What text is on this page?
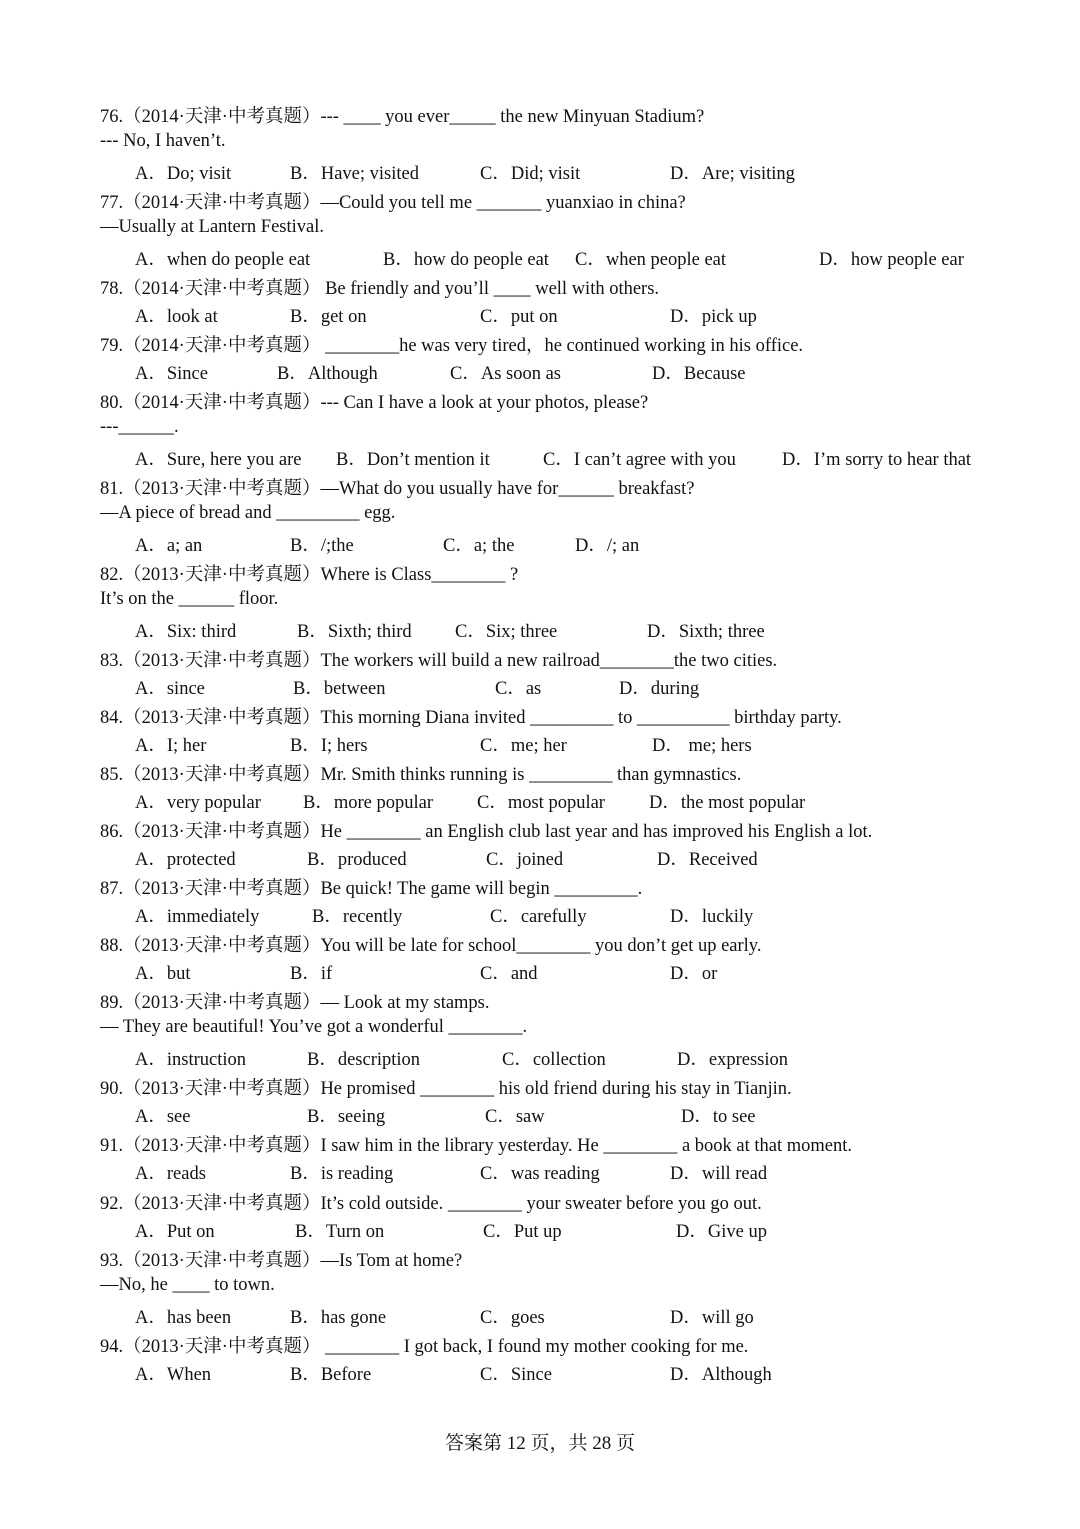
76.（2014·天津·中考真题）--- ____ you ever_____ the new Minyuan Stadium?
--- No, I haven’t.
A．Do; visit	B．Have; visited	C．Did; visit	D．Are; visiting
77.（2014·天津·中考真题）—Could you tell me _______ yuanxiao in china?
—Usually at Lantern Festival.
A．when do people eat	B．how do people eat C．when people eat	D．how people ear
78.（2014·天津·中考真题） Be friendly and you’ll ____ well with others.
A．look at	B．get on	C．put on	D．pick up
79.（2014·天津·中考真题） ________he was very tired，he continued working in his office.
A．Since	B．Although	C．As soon as	D．Because
80.（2014·天津·中考真题）--- Can I have a look at your photos, please?
---______.
A．Sure, here you are B．Don’t mention it	C．I can’t agree with you D．I’m sorry to hear that
81.（2013·天津·中考真题）—What do you usually have for______ breakfast?
—A piece of bread and _________ egg.
A．a; an	B．/;the	C．a; the	D．/; an
82.（2013·天津·中考真题）Where is Class________ ?
It’s on the ______ floor.
A．Six: third	B．Sixth; third C．Six; three	D．Sixth; three
83.（2013·天津·中考真题）The workers will build a new railroad________the two cities.
A．since	B．between	C．as	D．during
84.（2013·天津·中考真题）This morning Diana invited _________ to __________ birthday party.
A．I; her	B．I; hers	C．me; her	D． me; hers
85.（2013·天津·中考真题）Mr. Smith thinks running is _________ than gymnastics.
A．very popular B．more popular C．most popular D．the most popular
86.（2013·天津·中考真题）He ________ an English club last year and has improved his English a lot.
A．protected	B．produced	C．joined	D．Received
87.（2013·天津·中考真题）Be quick! The game will begin _________.
A．immediately	B．recently	C．carefully	D．luckily
88.（2013·天津·中考真题）You will be late for school________ you don’t get up early.
A．but	B．if	C．and	D．or
89.（2013·天津·中考真题）— Look at my stamps.
— They are beautiful! You’ve got a wonderful ________.
A．instruction	B．description	C．collection	D．expression
90.（2013·天津·中考真题）He promised ________ his old friend during his stay in Tianjin.
A．see	B．seeing	C．saw	D．to see
91.（2013·天津·中考真题）I saw him in the library yesterday. He ________ a book at that moment.
A．reads	B．is reading	C．was reading	D．will read
92.（2013·天津·中考真题）It’s cold outside. ________ your sweater before you go out.
A．Put on	B．Turn on	C．Put up	D．Give up
93.（2013·天津·中考真题）—Is Tom at home?
—No, he ____ to town.
A．has been	B．has gone	C．goes	D．will go
94.（2013·天津·中考真题） ________ I got back, I found my mother cooking for me.
A．When	B．Before	C．Since	D．Although
答案第 12 页，共 28 页
